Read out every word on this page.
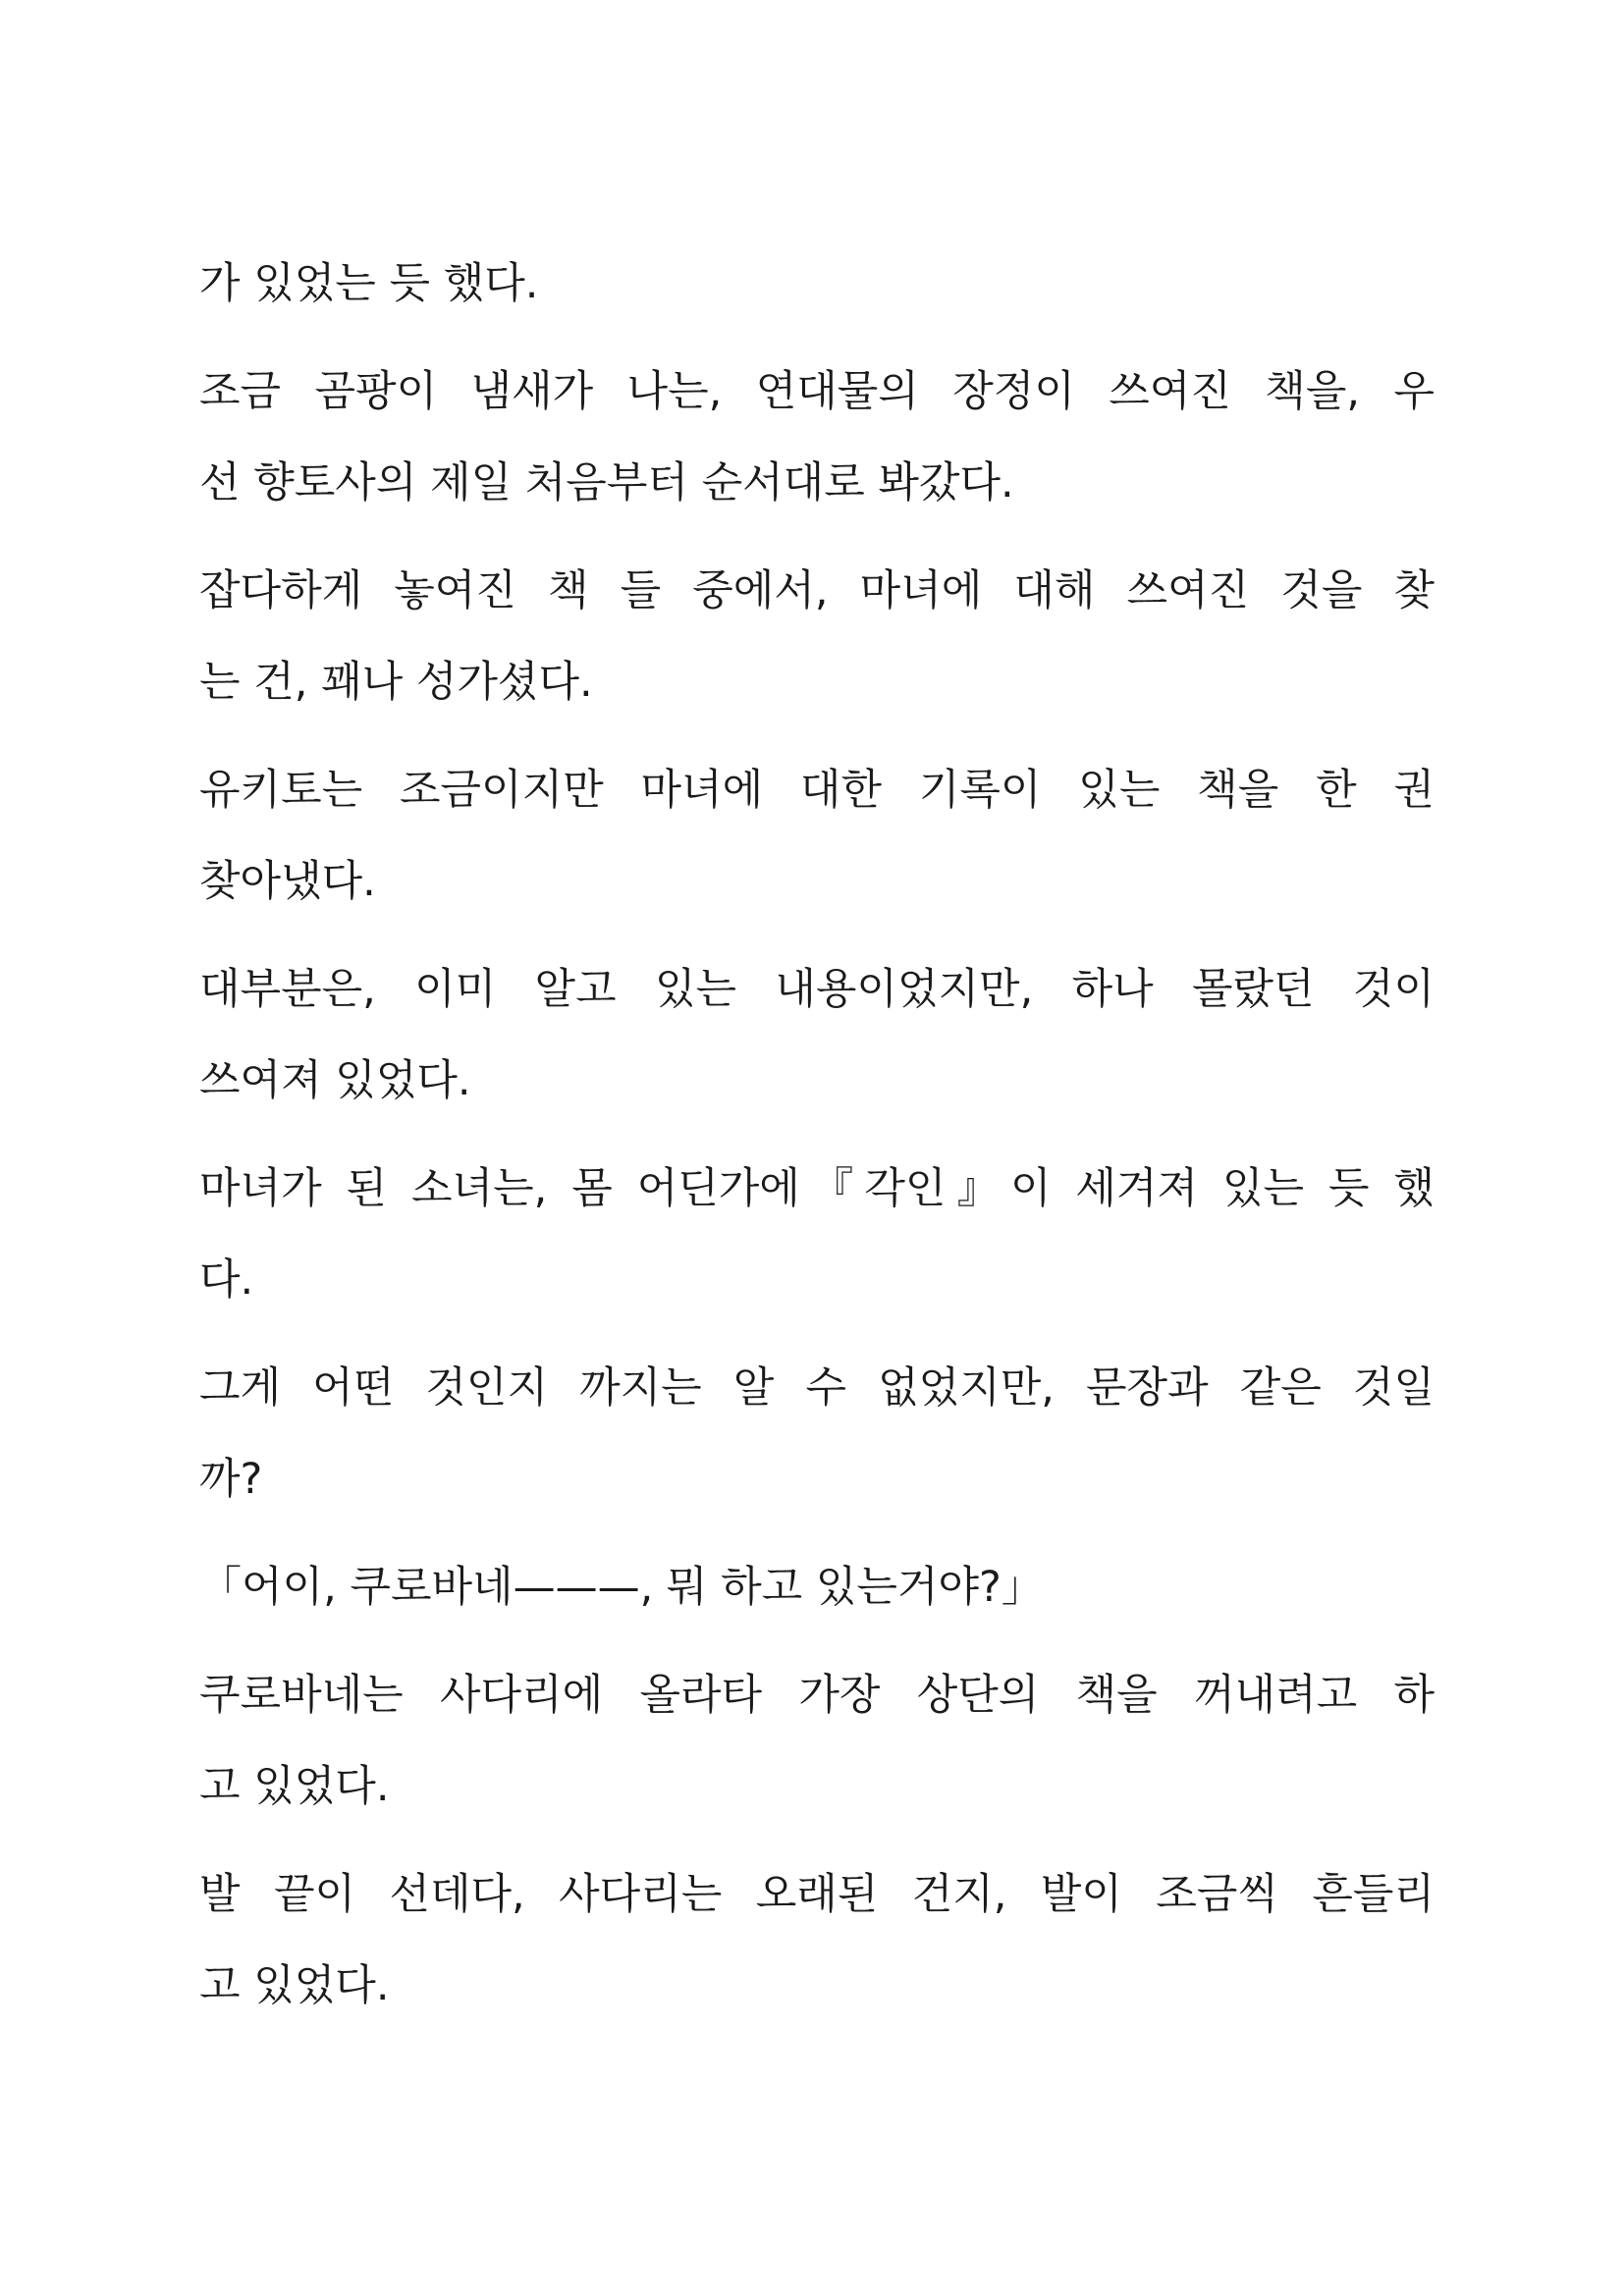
가 있었는 듯 했다.
조금 곰팡이 냄새가 나는, 연대물의 장정이 쓰여진 책을, 우
선 향토사의 제일 처음부터 순서대로 봐갔다.
잡다하게 놓여진 책 들 중에서, 마녀에 대해 쓰여진 것을 찾
는 건, 꽤나 성가셨다.
유키토는 조금이지만 마녀에 대한 기록이 있는 책을 한 권
찾아냈다.
대부분은, 이미 알고 있는 내용이었지만, 하나 몰랐던 것이
쓰여져 있었다.
마녀가 된 소녀는, 몸 어딘가에『각인』이 세겨져 있는 듯 했
다.
그게 어떤 것인지 까지는 알 수 없었지만, 문장과 같은 것일
까?
「어이, 쿠로바네———, 뭐 하고 있는거야?」
쿠로바네는 사다리에 올라타 가장 상단의 책을 꺼내려고 하
고 있었다.
발 끝이 선데다, 사다리는 오래된 건지, 발이 조금씩 흔들리
고 있었다.
